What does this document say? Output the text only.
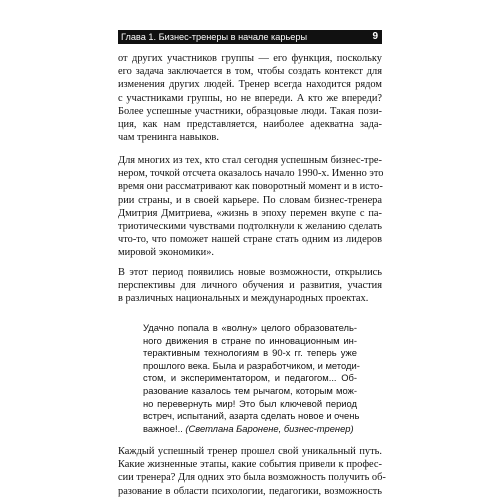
Глава 1. Бизнес-тренеры в начале карьеры	9
от других участников группы — его функция, поскольку
его задача заключается в том, чтобы создать контекст для
изменения других людей. Тренер всегда находится рядом
с участниками группы, но не впереди. А кто же впереди?
Более успешные участники, образцовые люди. Такая пози-
ция, как нам представляется, наиболее адекватна зада-
чам тренинга навыков.
Для многих из тех, кто стал сегодня успешным бизнес-тре-
нером, точкой отсчета оказалось начало 1990-х. Именно это
время они рассматривают как поворотный момент и в исто-
рии страны, и в своей карьере. По словам бизнес-тренера
Дмитрия Дмитриева, «жизнь в эпоху перемен вкупе с па-
триотическими чувствами подтолкнули к желанию сделать
что-то, что поможет нашей стране стать одним из лидеров
мировой экономики».
В этот период появились новые возможности, открылись
перспективы для личного обучения и развития, участия
в различных национальных и международных проектах.
Удачно попала в «волну» целого образователь-
ного движения в стране по инновационным ин-
терактивным технологиям в 90-х гг. теперь уже
прошлого века. Была и разработчиком, и методи-
стом, и экспериментатором, и педагогом... Об-
разование казалось тем рычагом, которым мож-
но перевернуть мир! Это был ключевой период
встреч, испытаний, азарта сделать новое и очень
важное!.. (Светлана Баронене, бизнес-тренер)
Каждый успешный тренер прошел свой уникальный путь.
Какие жизненные этапы, какие события привели к профес-
сии тренера? Для одних это была возможность получить об-
разование в области психологии, педагогики, возможность
